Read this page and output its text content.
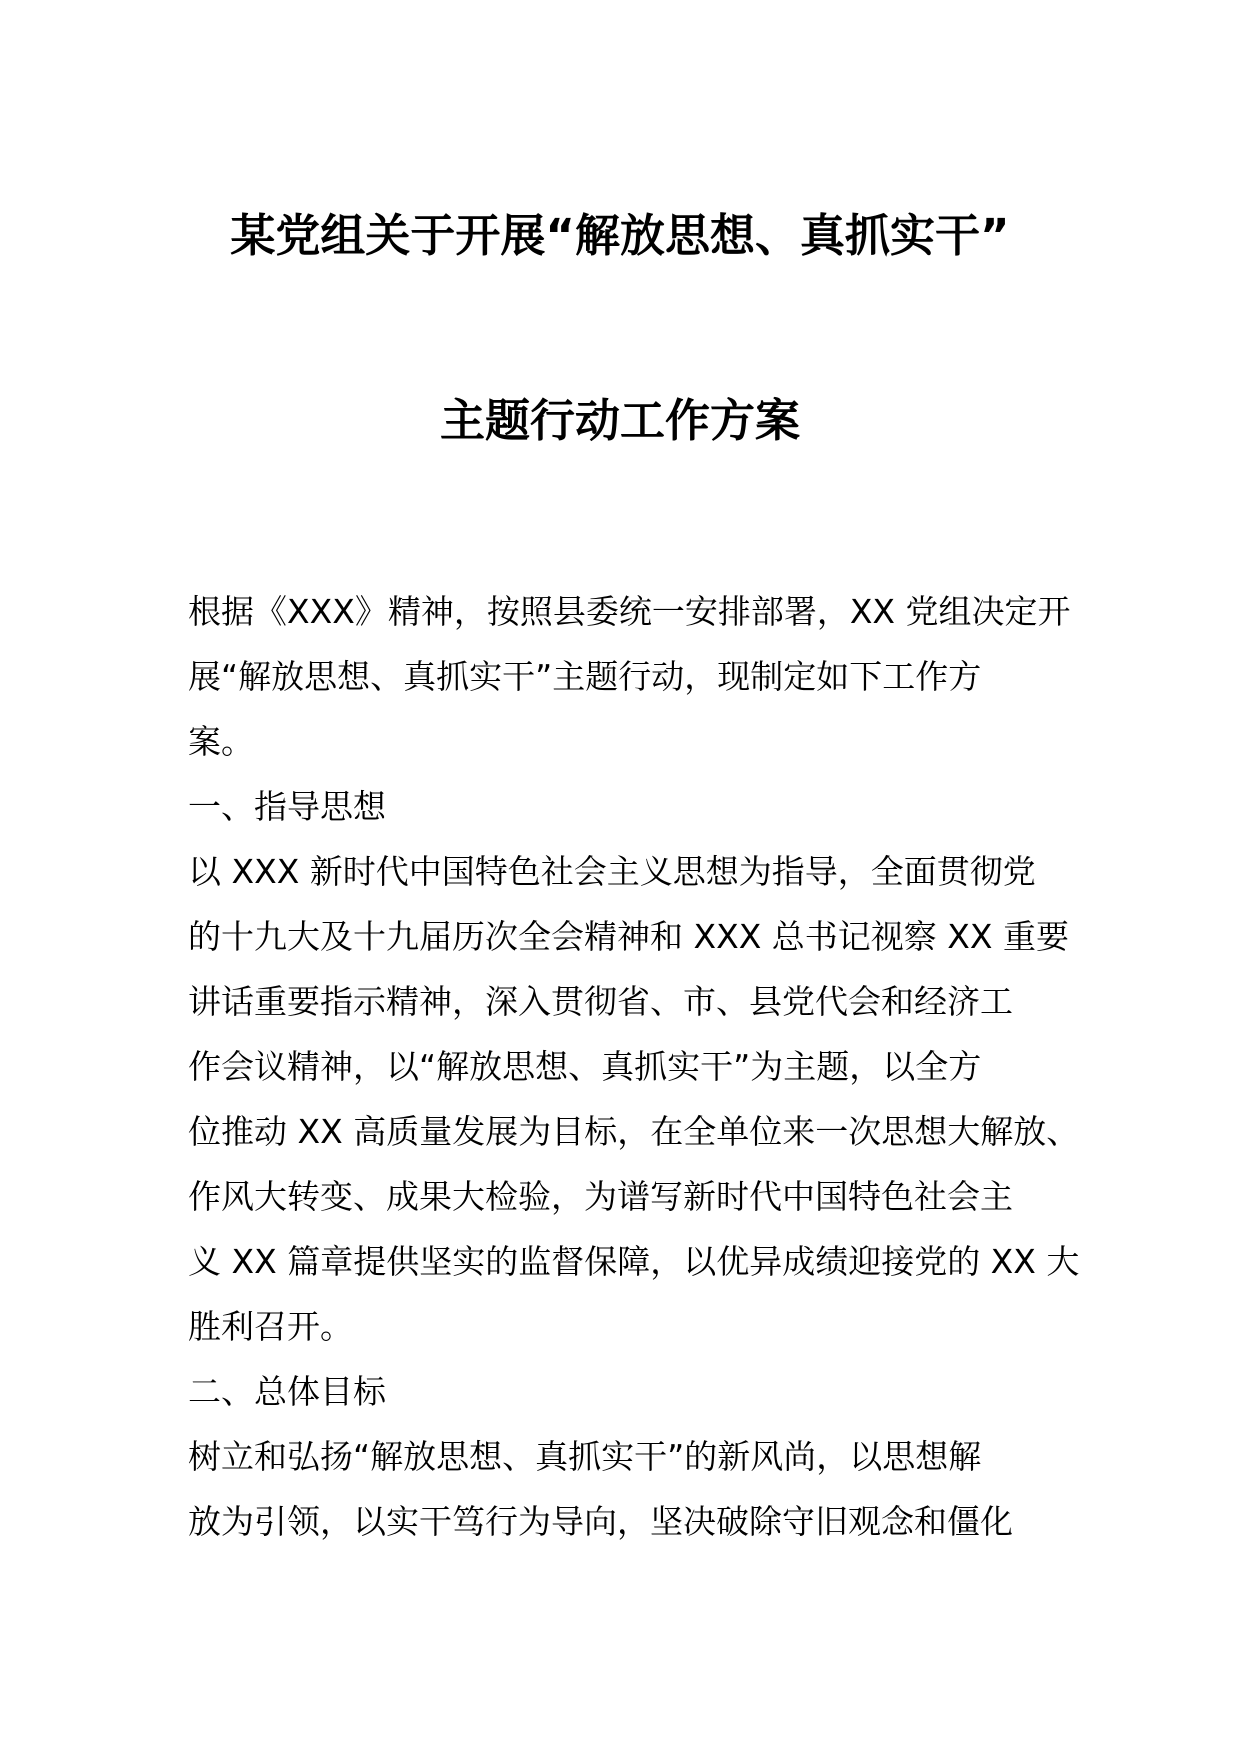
某党组关于开展“解放思想、真抓实干”
主题行动工作方案
根据《XXX》精神，按照县委统一安排部署，XX 党组决定开
展“解放思想、真抓实干”主题行动，现制定如下工作方
案。
一、指导思想
以 XXX 新时代中国特色社会主义思想为指导，全面贯彻党
的十九大及十九届历次全会精神和 XXX 总书记视察 XX 重要
讲话重要指示精神，深入贯彻省、市、县党代会和经济工
作会议精神，以“解放思想、真抓实干”为主题，以全方
位推动 XX 高质量发展为目标，在全单位来一次思想大解放、
作风大转变、成果大检验，为谱写新时代中国特色社会主
义 XX 篇章提供坚实的监督保障，以优异成绩迎接党的 XX 大
胜利召开。
二、总体目标
树立和弘扬“解放思想、真抓实干”的新风尚，以思想解
放为引领，以实干笃行为导向，坚决破除守旧观念和僵化
